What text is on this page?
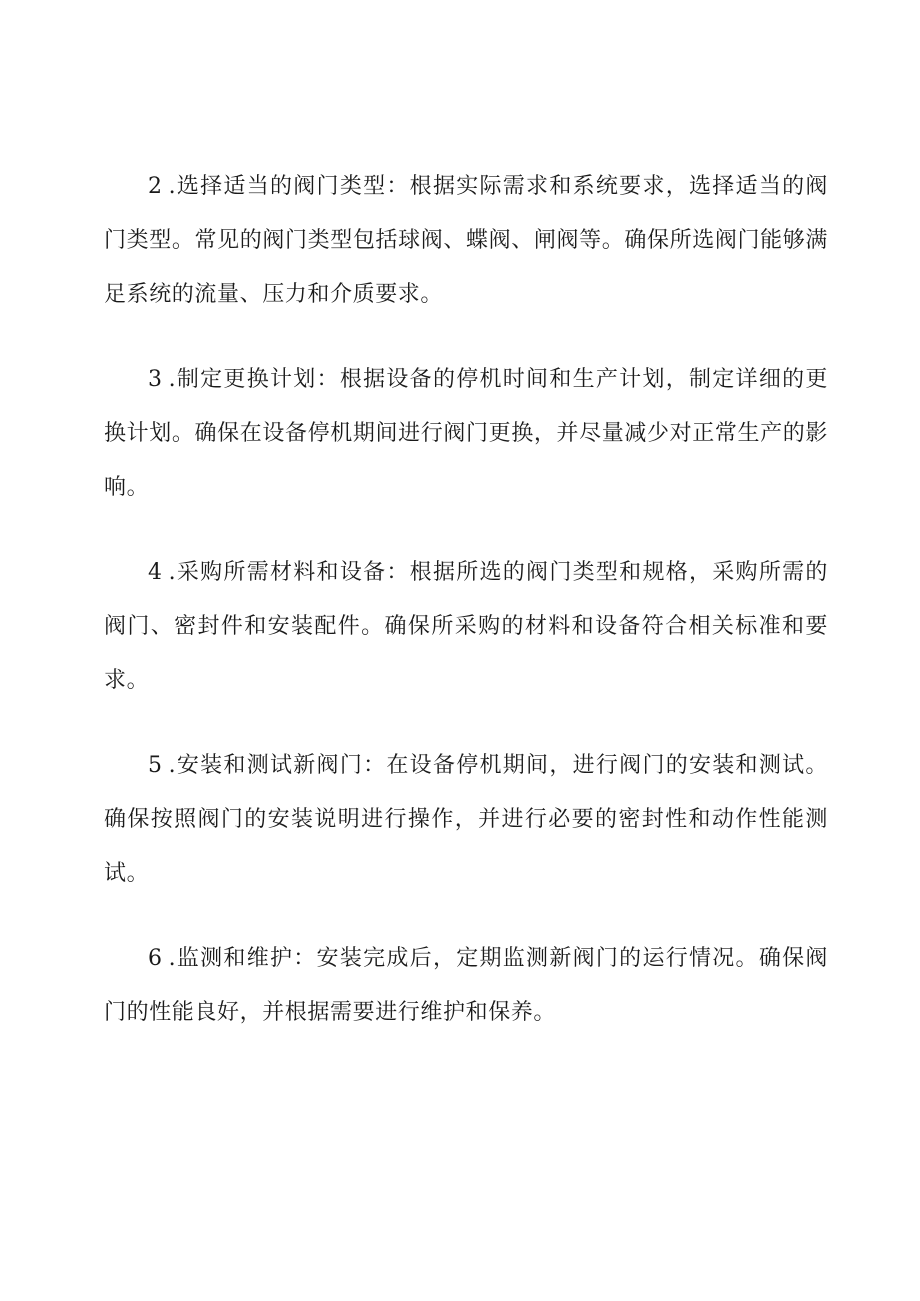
2 .选择适当的阀门类型：根据实际需求和系统要求，选择适当的阀门类型。常见的阀门类型包括球阀、蝶阀、闸阀等。确保所选阀门能够满足系统的流量、压力和介质要求。

3 .制定更换计划：根据设备的停机时间和生产计划，制定详细的更换计划。确保在设备停机期间进行阀门更换，并尽量减少对正常生产的影响。

4 .采购所需材料和设备：根据所选的阀门类型和规格，采购所需的阀门、密封件和安装配件。确保所采购的材料和设备符合相关标准和要求。

5 .安装和测试新阀门：在设备停机期间，进行阀门的安装和测试。确保按照阀门的安装说明进行操作，并进行必要的密封性和动作性能测试。

6 .监测和维护：安装完成后，定期监测新阀门的运行情况。确保阀门的性能良好，并根据需要进行维护和保养。
